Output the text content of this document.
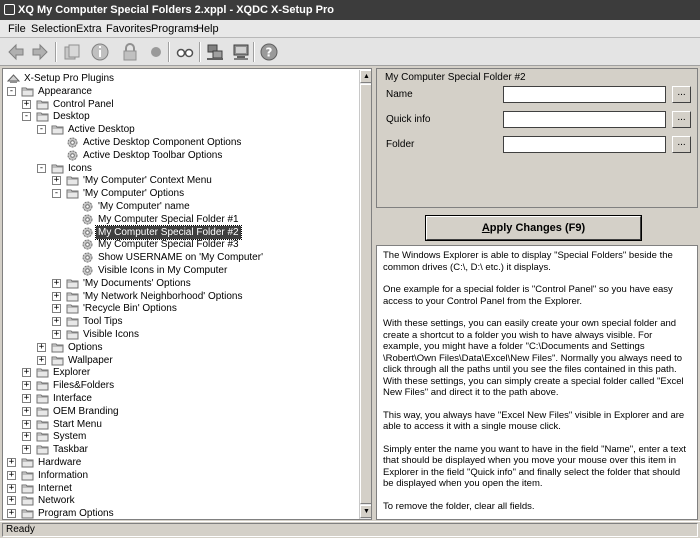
XQ My Computer Special Folders 2.xppl - XQDC X-Setup Pro
File Selection Extra Favorites Programs
Help
?
X-Setup Pro Plugins
- Appearance
+ Control Panel
- Desktop
- Active Desktop
Active Desktop Component Options
Active Desktop Toolbar Options
- Icons
+ 'My Computer' Context Menu
- 'My Computer' Options
'My Computer' name
My Computer Special Folder #1
My Computer Special Folder #2
My Computer Special Folder #3
Show USERNAME on 'My Computer'
Visible Icons in My Computer
+ 'My Documents' Options
+ 'My Network Neighborhood' Options
+ 'Recycle Bin' Options
+ Tool Tips
+ Visible Icons
+ Options
+ Wallpaper
+ Explorer
+ Files&Folders
+ Interface
+ OEM Branding
+ Start Menu
+ System
+ Taskbar
+ Hardware
+ Information
+ Internet
+ Network
+ Program Options
▲
▼
My Computer Special Folder #2
Name	...
Quick info	...
Folder	...
Apply Changes (F9)

The Windows Explorer is able to display "Special Folders" beside the common drives (C:\, D:\ etc.) it displays.

One example for a special folder is "Control Panel" so you have easy access to your Control Panel from the Explorer.

With these settings, you can easily create your own special folder and create a shortcut to a folder you wish to have always visible. For example, you might have a folder "C:\Documents and Settings \Robert\Own Files\Data\Excel\New Files". Normally you always need to click through all the paths until you see the files contained in this path. With these settings, you can simply create a special folder called "Excel New Files" and direct it to the path above.

This way, you always have "Excel New Files" visible in Explorer and are able to access it with a single mouse click.

Simply enter the name you want to have in the field "Name", enter a text that should be displayed when you move your mouse over this item in Explorer in the field "Quick info" and finally select the folder that should be displayed when you open the item.

To remove the folder, clear all fields.

Ready
